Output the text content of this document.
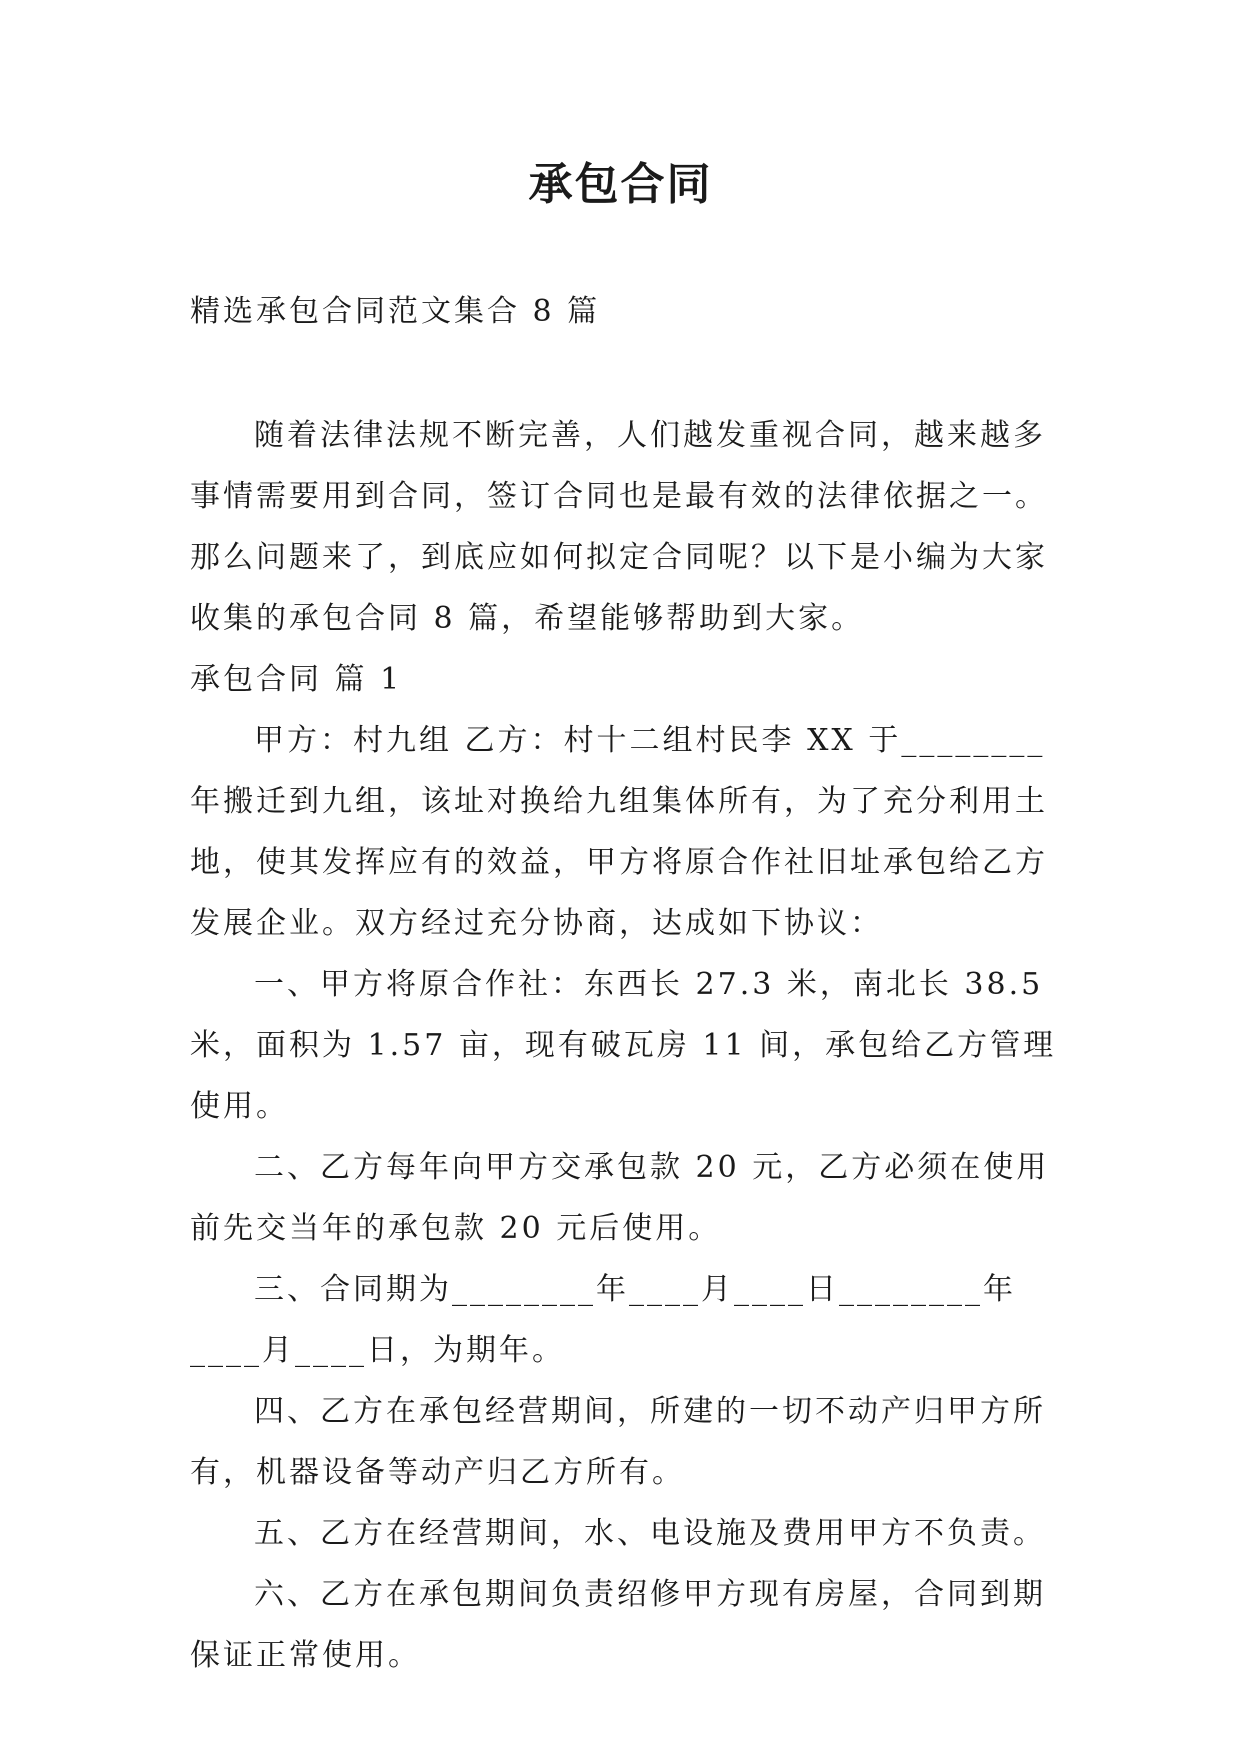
承包合同
精选承包合同范文集合 8 篇

随着法律法规不断完善，人们越发重视合同，越来越多事情需要用到合同，签订合同也是最有效的法律依据之一。那么问题来了，到底应如何拟定合同呢？以下是小编为大家收集的承包合同 8 篇，希望能够帮助到大家。

承包合同 篇 1

甲方：村九组 乙方：村十二组村民李 XX 于________年搬迁到九组，该址对换给九组集体所有，为了充分利用土地，使其发挥应有的效益，甲方将原合作社旧址承包给乙方发展企业。双方经过充分协商，达成如下协议：

一、甲方将原合作社：东西长 27.3 米，南北长 38.5 米，面积为 1.57 亩，现有破瓦房 11 间，承包给乙方管理使用。

二、乙方每年向甲方交承包款 20 元，乙方必须在使用前先交当年的承包款 20 元后使用。

三、合同期为________年____月____日________年____月____日，为期年。

四、乙方在承包经营期间，所建的一切不动产归甲方所有，机器设备等动产归乙方所有。

五、乙方在经营期间，水、电设施及费用甲方不负责。

六、乙方在承包期间负责绍修甲方现有房屋，合同到期保证正常使用。
